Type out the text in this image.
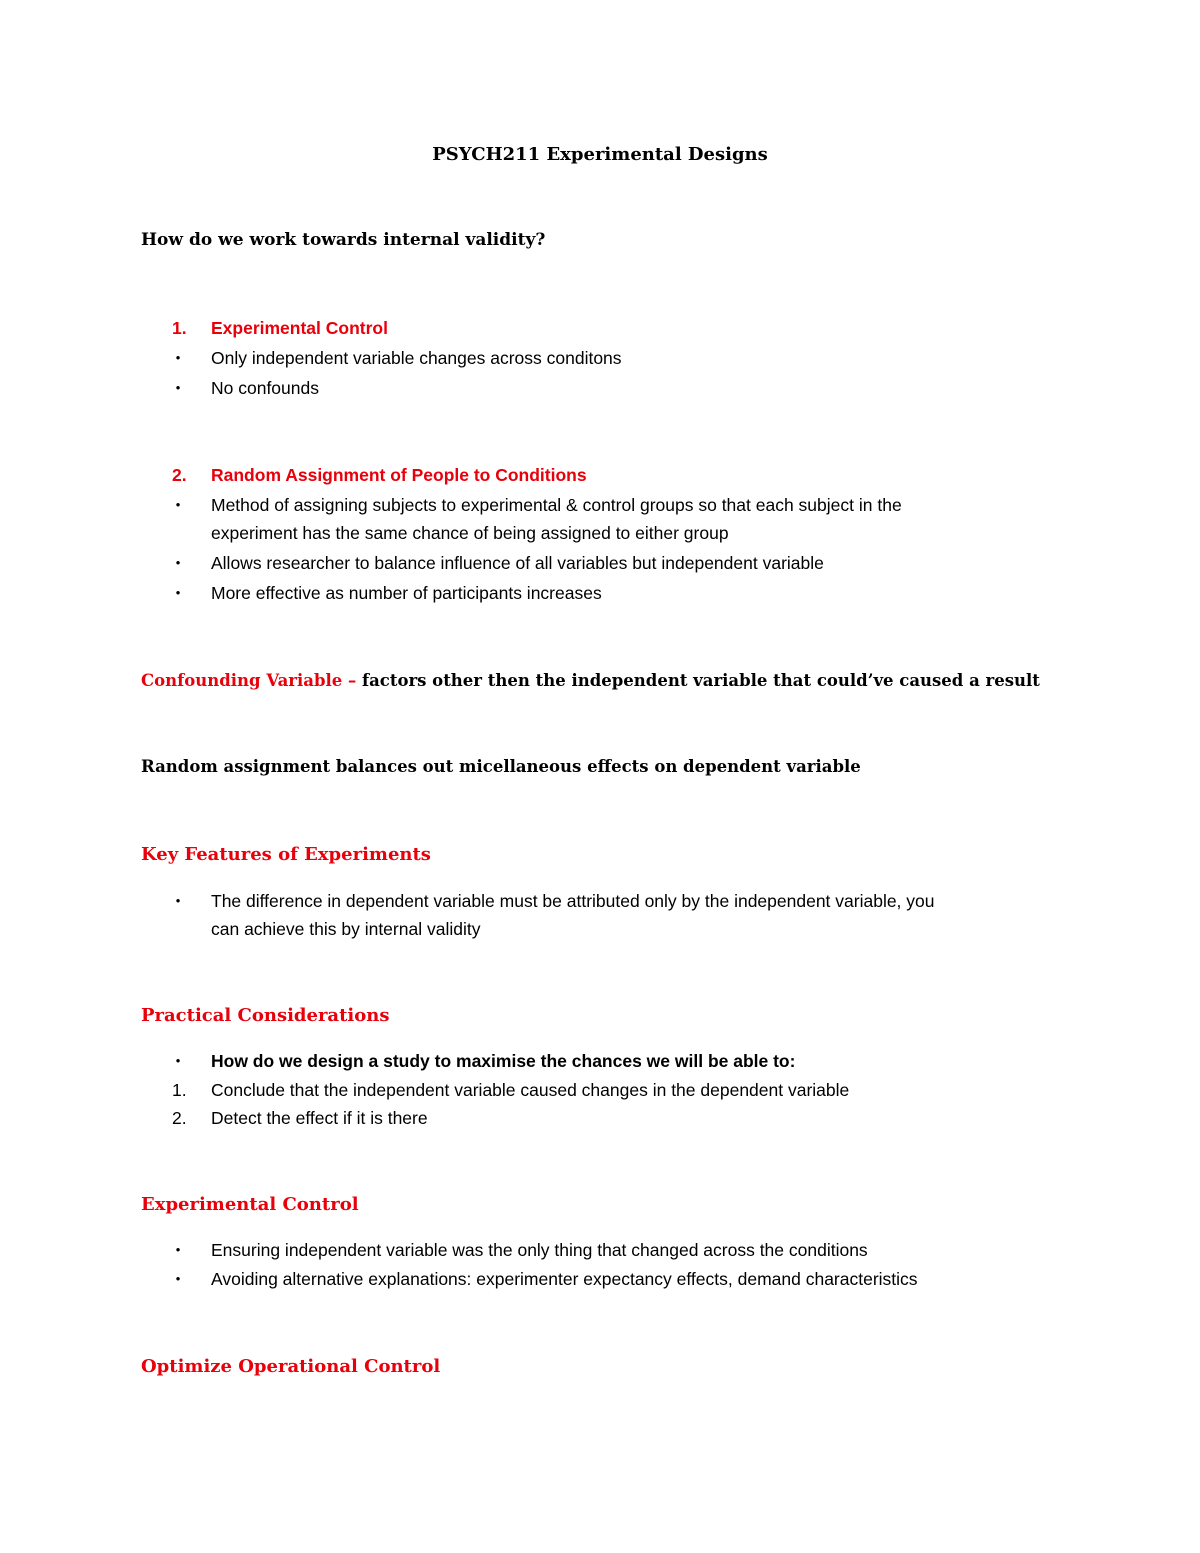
PSYCH211 Experimental Designs
How do we work towards internal validity?
1. Experimental Control
• Only independent variable changes across conditons
• No confounds
2. Random Assignment of People to Conditions
• Method of assigning subjects to experimental & control groups so that each subject in the
experiment has the same chance of being assigned to either group
• Allows researcher to balance influence of all variables but independent variable
• More effective as number of participants increases
Confounding Variable – factors other then the independent variable that could’ve caused a result
Random assignment balances out micellaneous effects on dependent variable
Key Features of Experiments
• The difference in dependent variable must be attributed only by the independent variable, you
can achieve this by internal validity
Practical Considerations
• How do we design a study to maximise the chances we will be able to:
1. Conclude that the independent variable caused changes in the dependent variable
2. Detect the effect if it is there
Experimental Control
• Ensuring independent variable was the only thing that changed across the conditions
• Avoiding alternative explanations: experimenter expectancy effects, demand characteristics
Optimize Operational Control
